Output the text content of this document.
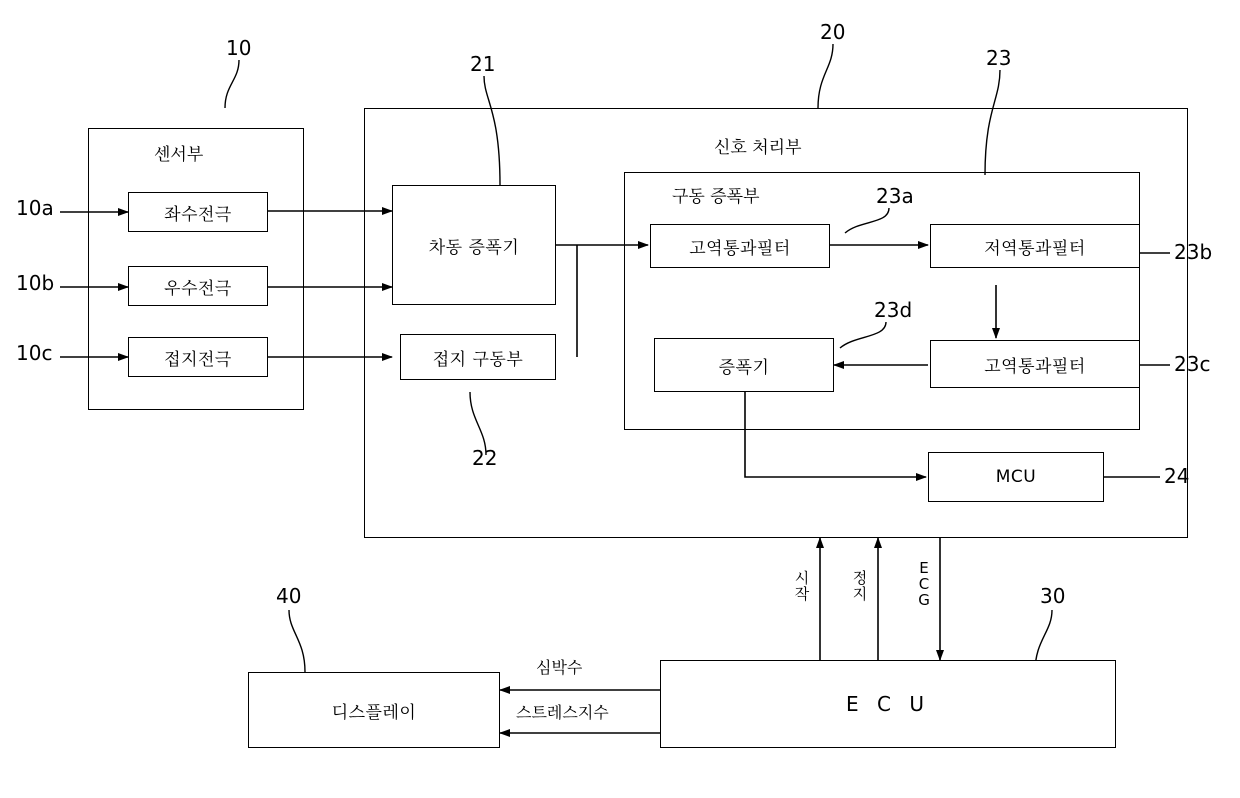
센서부
좌수전극
우수전극
접지전극
신호 처리부
구동 증폭부
차동 증폭기
접지 구동부
고역통과필터	저역통과필터
고역통과필터
증폭기
MCU
디스플레이	E C U
시
작
정
지
E
C
G
심박수
스트레스지수
10
10a
10b
10c
21
22
20
23
23a
23b
23c
23d
24
40	30
